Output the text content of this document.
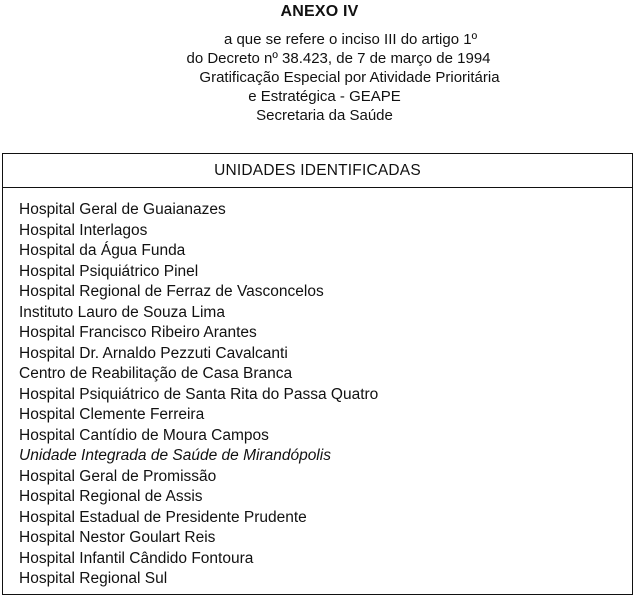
ANEXO IV
a que se refere o inciso III do artigo 1º
do Decreto nº 38.423, de 7 de março de 1994
Gratificação Especial por Atividade Prioritária
e Estratégica - GEAPE
Secretaria da Saúde
UNIDADES IDENTIFICADAS
Hospital Geral de Guaianazes
Hospital Interlagos
Hospital da Água Funda
Hospital Psiquiátrico Pinel
Hospital Regional de Ferraz de Vasconcelos
Instituto Lauro de Souza Lima
Hospital Francisco Ribeiro Arantes
Hospital Dr. Arnaldo Pezzuti Cavalcanti
Centro de Reabilitação de Casa Branca
Hospital Psiquiátrico de Santa Rita do Passa Quatro
Hospital Clemente Ferreira
Hospital Cantídio de Moura Campos
Unidade Integrada de Saúde de Mirandópolis
Hospital Geral de Promissão
Hospital Regional de Assis
Hospital Estadual de Presidente Prudente
Hospital Nestor Goulart Reis
Hospital Infantil Cândido Fontoura
Hospital Regional Sul
